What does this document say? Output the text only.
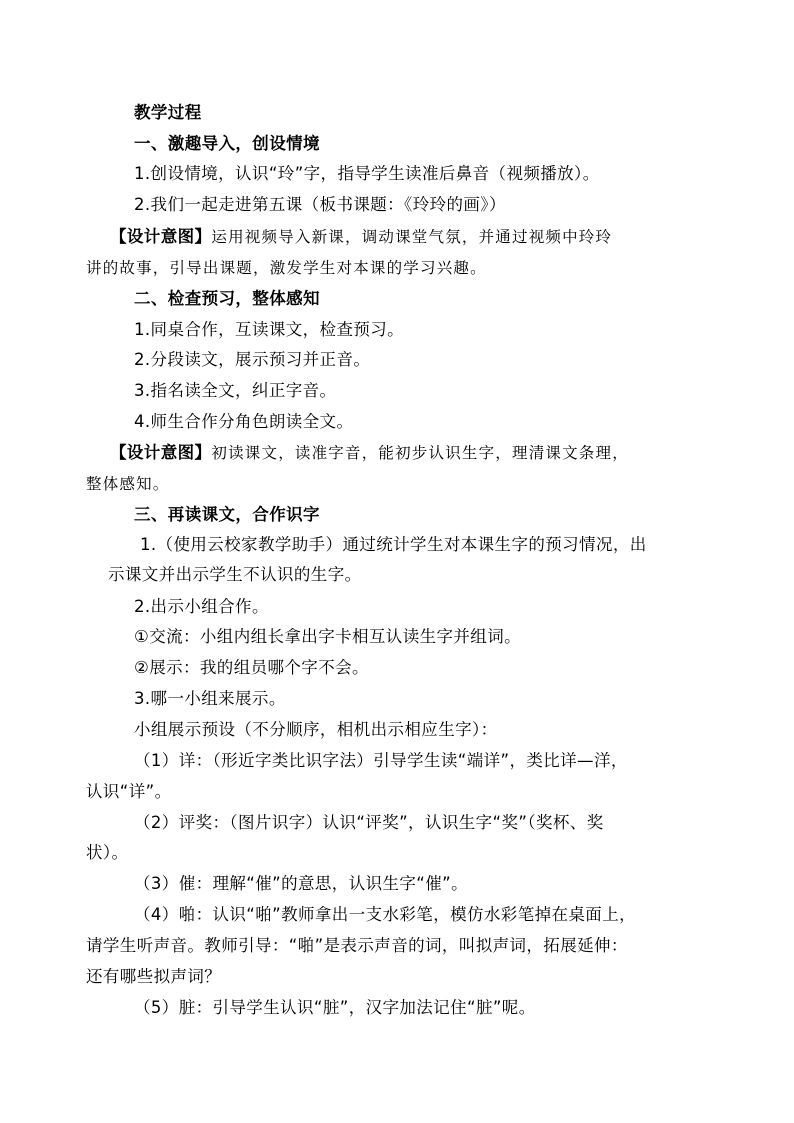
教学过程
一、激趣导入，创设情境
1.创设情境，认识“玲”字，指导学生读准后鼻音（视频播放）。
2.我们一起走进第五课（板书课题：《玲玲的画》）
【设计意图】运用视频导入新课，调动课堂气氛，并通过视频中玲玲
讲的故事，引导出课题，激发学生对本课的学习兴趣。
二、检查预习，整体感知
1.同桌合作，互读课文，检查预习。
2.分段读文，展示预习并正音。
3.指名读全文，纠正字音。
4.师生合作分角色朗读全文。
【设计意图】初读课文，读准字音，能初步认识生字，理清课文条理，
整体感知。
三、再读课文，合作识字
1.（使用云校家教学助手）通过统计学生对本课生字的预习情况，出
示课文并出示学生不认识的生字。
2.出示小组合作。
①交流：小组内组长拿出字卡相互认读生字并组词。
②展示：我的组员哪个字不会。
3.哪一小组来展示。
小组展示预设（不分顺序，相机出示相应生字）：
（1）详：（形近字类比识字法）引导学生读“端详”，类比详—洋，
认识“详”。
（2）评奖：（图片识字）认识“评奖”，认识生字“奖”（奖杯、奖
状）。
（3）催：理解“催”的意思，认识生字“催”。
（4）啪：认识“啪”教师拿出一支水彩笔，模仿水彩笔掉在桌面上，
请学生听声音。教师引导：“啪”是表示声音的词，叫拟声词，拓展延伸：
还有哪些拟声词？
（5）脏：引导学生认识“脏”，汉字加法记住“脏”呢。
